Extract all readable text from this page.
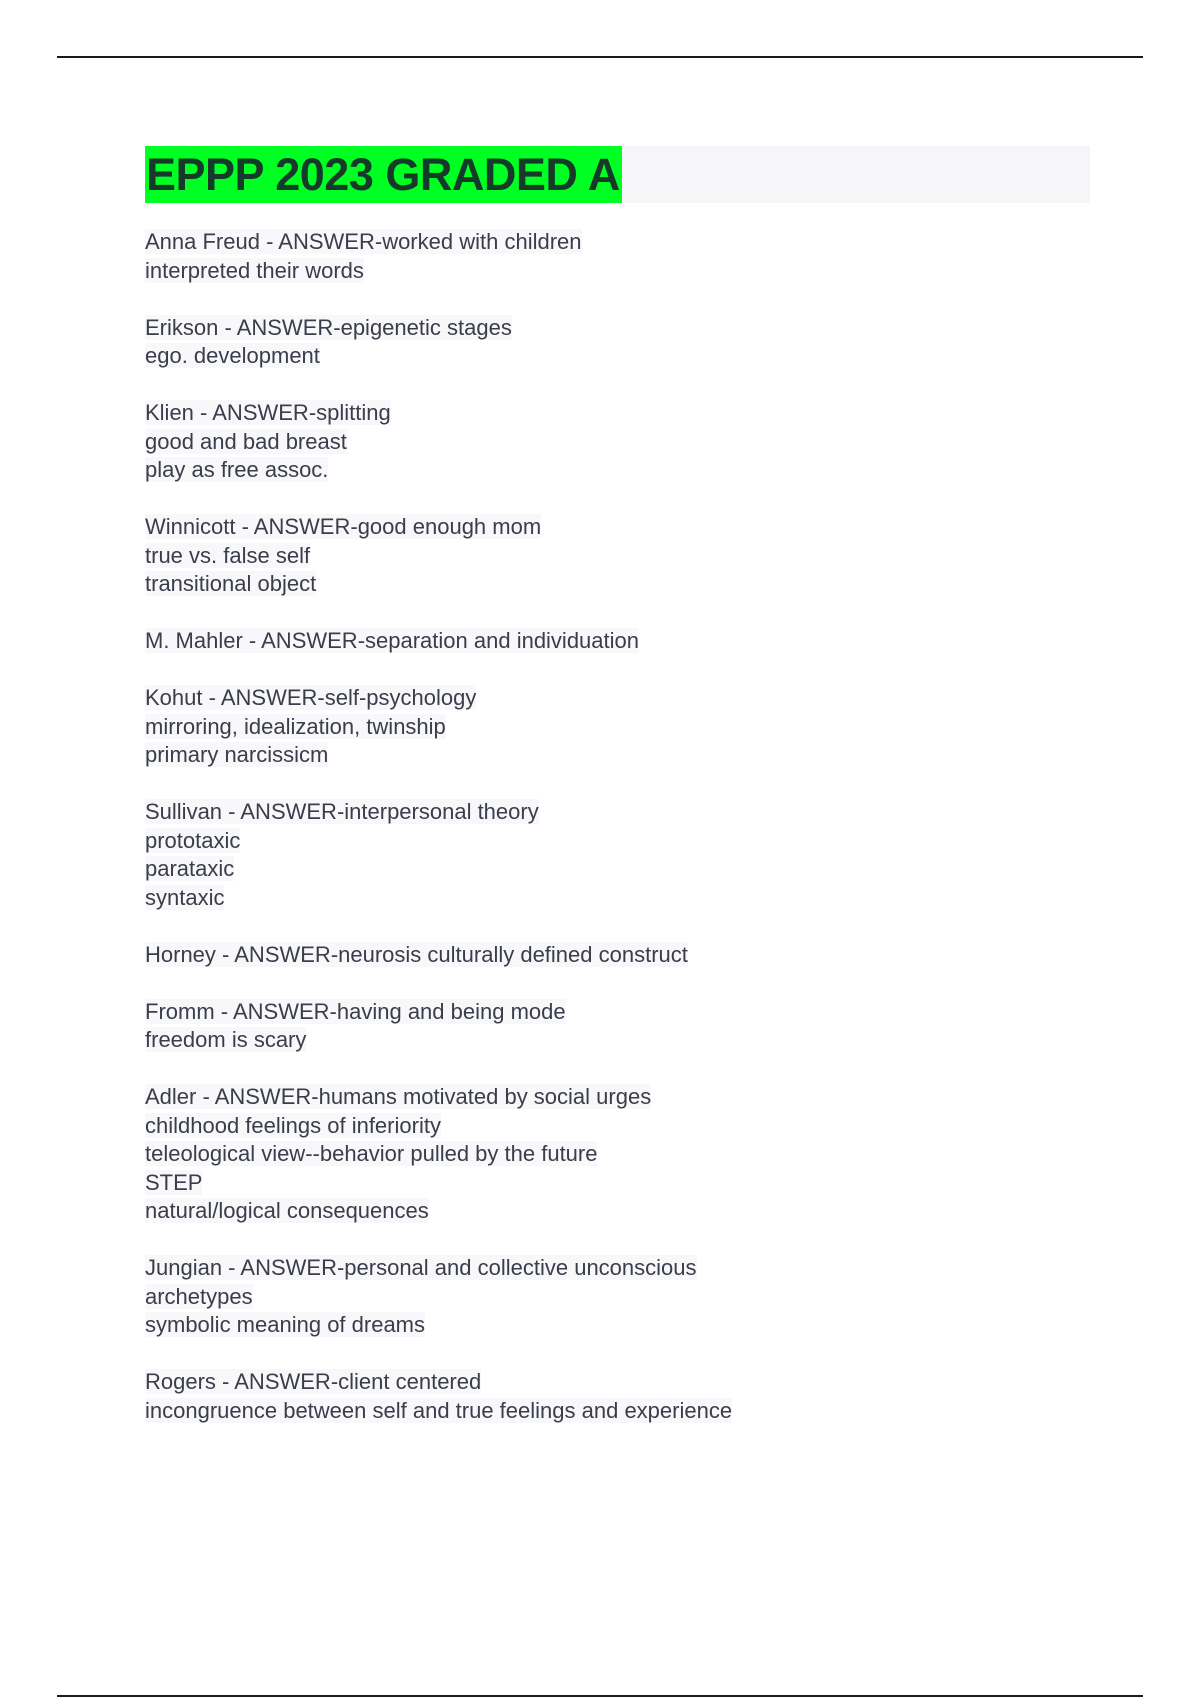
EPPP 2023 GRADED A
Anna Freud - ANSWER-worked with children
interpreted their words
Erikson - ANSWER-epigenetic stages
ego. development
Klien - ANSWER-splitting
good and bad breast
play as free assoc.
Winnicott - ANSWER-good enough mom
true vs. false self
transitional object
M. Mahler - ANSWER-separation and individuation
Kohut - ANSWER-self-psychology
mirroring, idealization, twinship
primary narcissicm
Sullivan - ANSWER-interpersonal theory
prototaxic
parataxic
syntaxic
Horney - ANSWER-neurosis culturally defined construct
Fromm - ANSWER-having and being mode
freedom is scary
Adler - ANSWER-humans motivated by social urges
childhood feelings of inferiority
teleological view--behavior pulled by the future
STEP
natural/logical consequences
Jungian - ANSWER-personal and collective unconscious
archetypes
symbolic meaning of dreams
Rogers - ANSWER-client centered
incongruence between self and true feelings and experience
